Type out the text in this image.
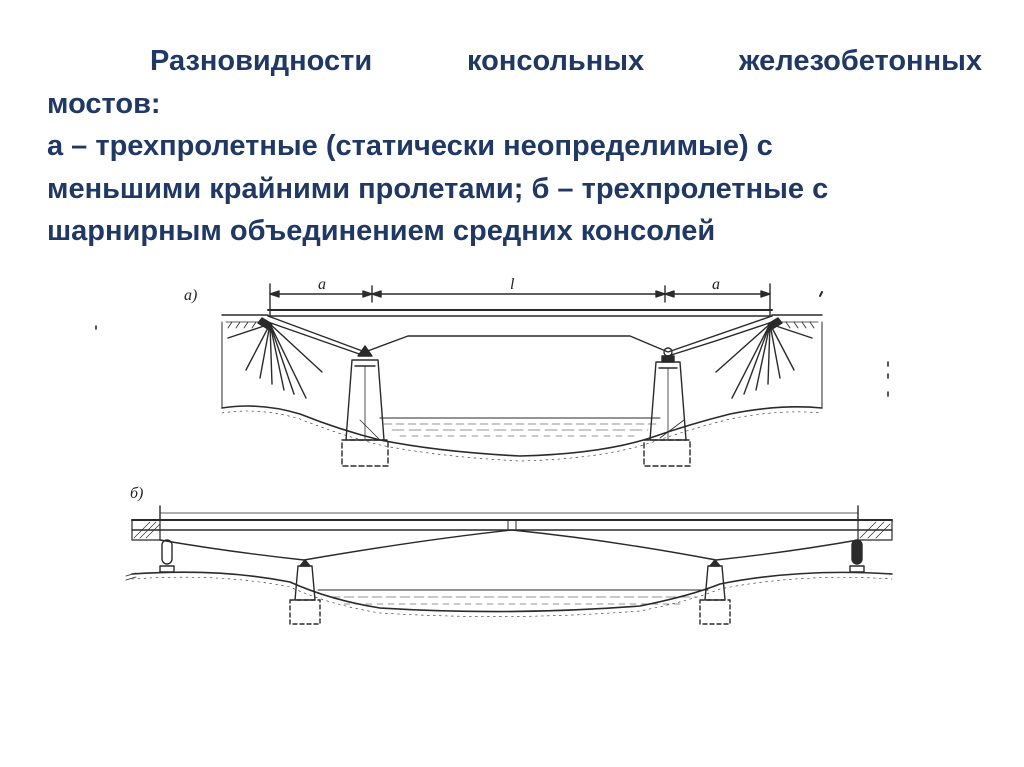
Разновидности	консольных	железобетонных
мостов:
а – трехпролетные (статически неопределимые) с
меньшими крайними пролетами; б – трехпролетные с
шарнирным объединением средних консолей
а)
a	l	a
б)
